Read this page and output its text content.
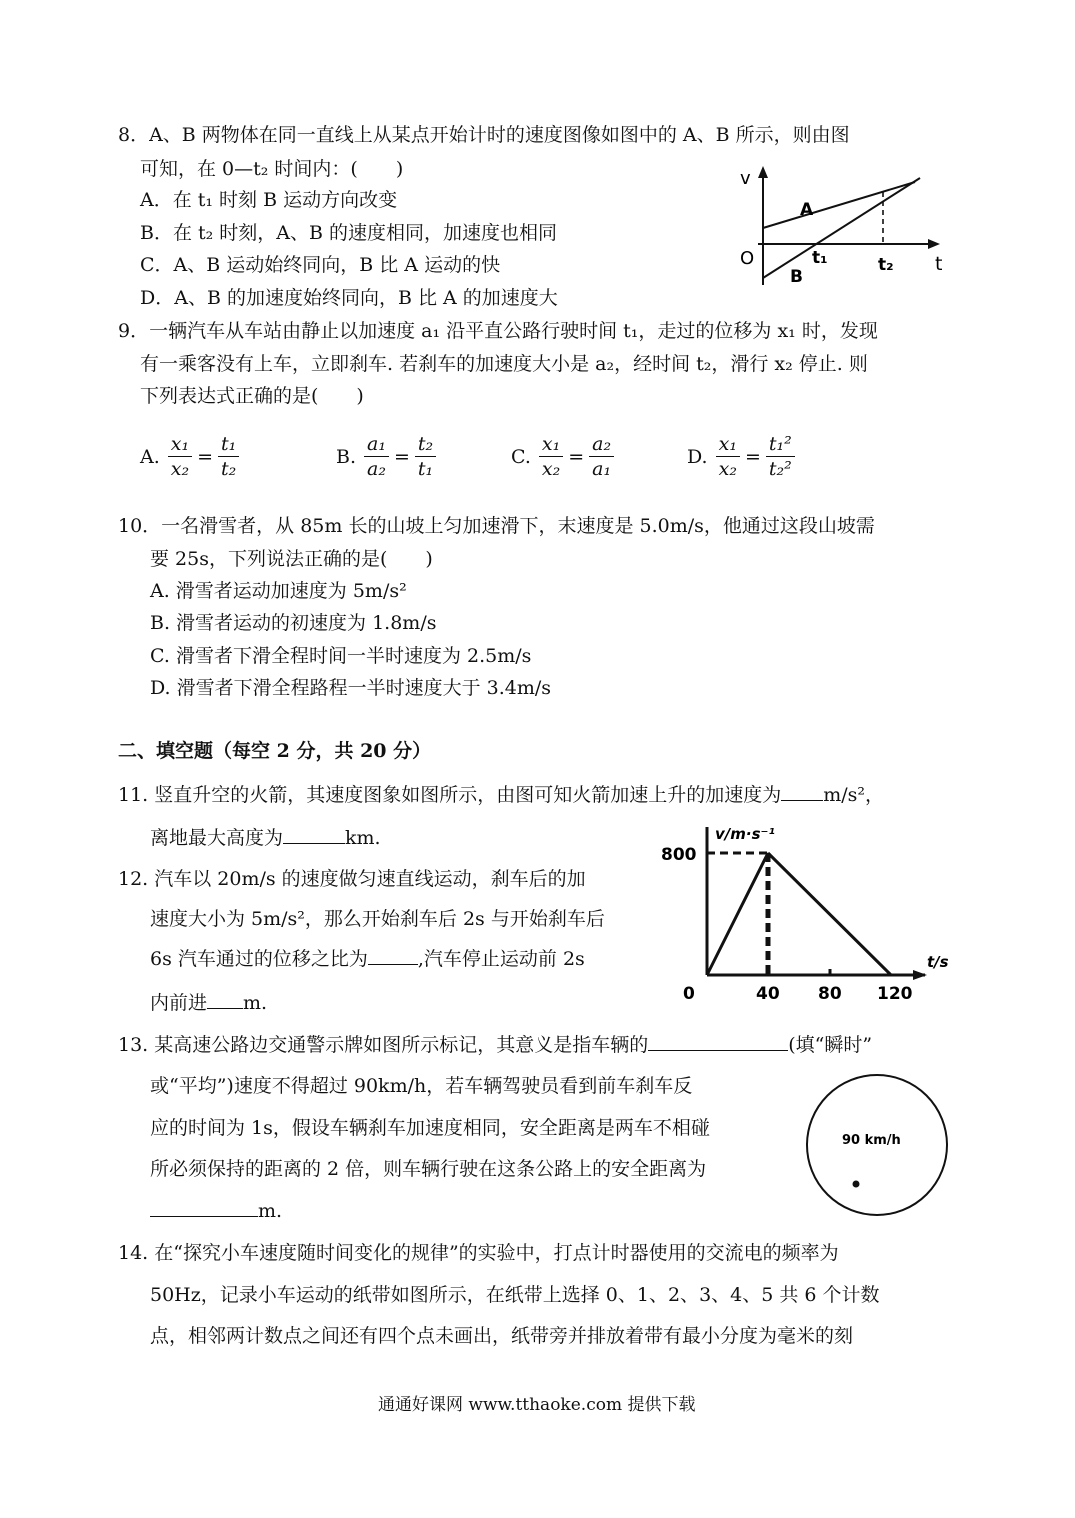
8．A、B 两物体在同一直线上从某点开始计时的速度图像如图中的 A、B 所示，则由图
可知，在 0—t₂ 时间内：(　　)
A．在 t₁ 时刻 B 运动方向改变
B．在 t₂ 时刻，A、B 的速度相同，加速度也相同
C．A、B 运动始终同向，B 比 A 运动的快
D．A、B 的加速度始终同向，B 比 A 的加速度大
v
O	t
t₁	t₂
A
B
9．一辆汽车从车站由静止以加速度 a₁ 沿平直公路行驶时间 t₁，走过的位移为 x₁ 时，发现
有一乘客没有上车，立即刹车. 若刹车的加速度大小是 a₂，经时间 t₂，滑行 x₂ 停止. 则
下列表达式正确的是(　　)
A. $\frac{\text{x₁}}{\text{x₂}} = \frac{\text{t₁}}{\text{t₂}}$	B. $\frac{\text{a₁}}{\text{a₂}} = \frac{\text{t₂}}{\text{t₁}}$	C. $\frac{\text{x₁}}{\text{x₂}} = \frac{\text{a₂}}{\text{a₁}}$	D. $\frac{\text{x₁}}{\text{x₂}} = \frac{\text{t₁²}}{\text{t₂²}}$
10．一名滑雪者，从 85m 长的山坡上匀加速滑下，末速度是 5.0m/s，他通过这段山坡需
要 25s，下列说法正确的是(　　)
A. 滑雪者运动加速度为 5m/s²
B. 滑雪者运动的初速度为 1.8m/s
C. 滑雪者下滑全程时间一半时速度为 2.5m/s
D. 滑雪者下滑全程路程一半时速度大于 3.4m/s
二、填空题（每空 2 分，共 20 分）
11. 竖直升空的火箭，其速度图象如图所示，由图可知火箭加速上升的加速度为 m/s²，
离地最大高度为	km.	v/m·s⁻¹
800
t/s
0	40 80 120
12. 汽车以 20m/s 的速度做匀速直线运动，刹车后的加
速度大小为 5m/s²，那么开始刹车后 2s 与开始刹车后
6s 汽车通过的位移之比为	,汽车停止运动前 2s
内前进 m.
13. 某高速公路边交通警示牌如图所示标记，其意义是指车辆的	(填“瞬时”
或“平均”)速度不得超过 90km/h，若车辆驾驶员看到前车刹车反
应的时间为 1s，假设车辆刹车加速度相同，安全距离是两车不相碰
所必须保持的距离的 2 倍，则车辆行驶在这条公路上的安全距离为
m.
90 km/h
14. 在“探究小车速度随时间变化的规律”的实验中，打点计时器使用的交流电的频率为
50Hz，记录小车运动的纸带如图所示，在纸带上选择 0、1、2、3、4、5 共 6 个计数
点，相邻两计数点之间还有四个点未画出，纸带旁并排放着带有最小分度为毫米的刻
通通好课网 www.tthaoke.com 提供下载
